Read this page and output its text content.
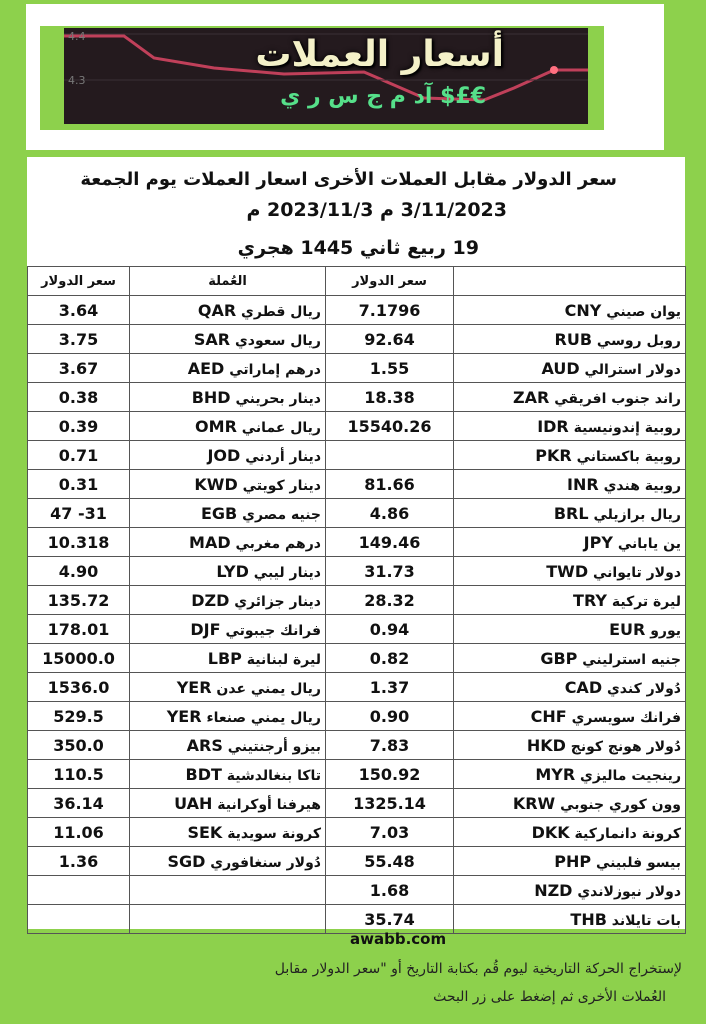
4.4
4.3
أسعار العملات
€£$ آد م ج س ر ي
سعر الدولار مقابل العملات الأخرى اسعار العملات يوم الجمعة
3/11/2023 م 2023/11/3 م
19 ربيع ثاني 1445 هجري
سعر الدولار	العُملة	سعر الدولار	
3.64	ريال قطري QAR	7.1796	يوان صيني CNY
3.75	ريال سعودي SAR	92.64	روبل روسي RUB
3.67	درهم إماراتي AED	1.55	دولار استرالي AUD
0.38	دينار بحريني BHD	18.38	راند جنوب افريقي ZAR
0.39	ريال عماني OMR	15540.26	روبية إندونيسية IDR
0.71	دينار أردني JOD		روبية باكستاني PKR
0.31	دينار كويتي KWD	81.66	روبية هندي INR
47 -31	جنيه مصري EGB	4.86	ريال برازيلي BRL
10.318	درهم مغربي MAD	149.46	ين ياباني JPY
4.90	دينار ليبي LYD	31.73	دولار تايواني TWD
135.72	دينار جزائري DZD	28.32	ليرة تركية TRY
178.01	فرانك جيبوتي DJF	0.94	يورو EUR
15000.0	ليرة لبنانية LBP	0.82	جنيه استرليني GBP
1536.0	ريال يمني عدن YER	1.37	دُولار كندي CAD
529.5	ريال يمني صنعاء YER	0.90	فرانك سويسري CHF
350.0	بيزو أرجنتيني ARS	7.83	دُولار هونج كونج HKD
110.5	تاكا بنغالدشية BDT	150.92	رينجيت ماليزي MYR
36.14	هيرفنا أوكرانية UAH	1325.14	وون كوري جنوبي KRW
11.06	كرونة سويدية SEK	7.03	كرونة دانماركية DKK
1.36	دُولار سنغافوري SGD	55.48	بيسو فلبيني PHP
		1.68	دولار نيوزلاندي NZD
		35.74	بات تايلاند THB
awabb.com
لإستخراج الحركة التاريخية ليوم قُم بكتابة التاريخ أو "سعر الدولار مقابل
العُملات الأخرى ثم إضغط على زر البحث
